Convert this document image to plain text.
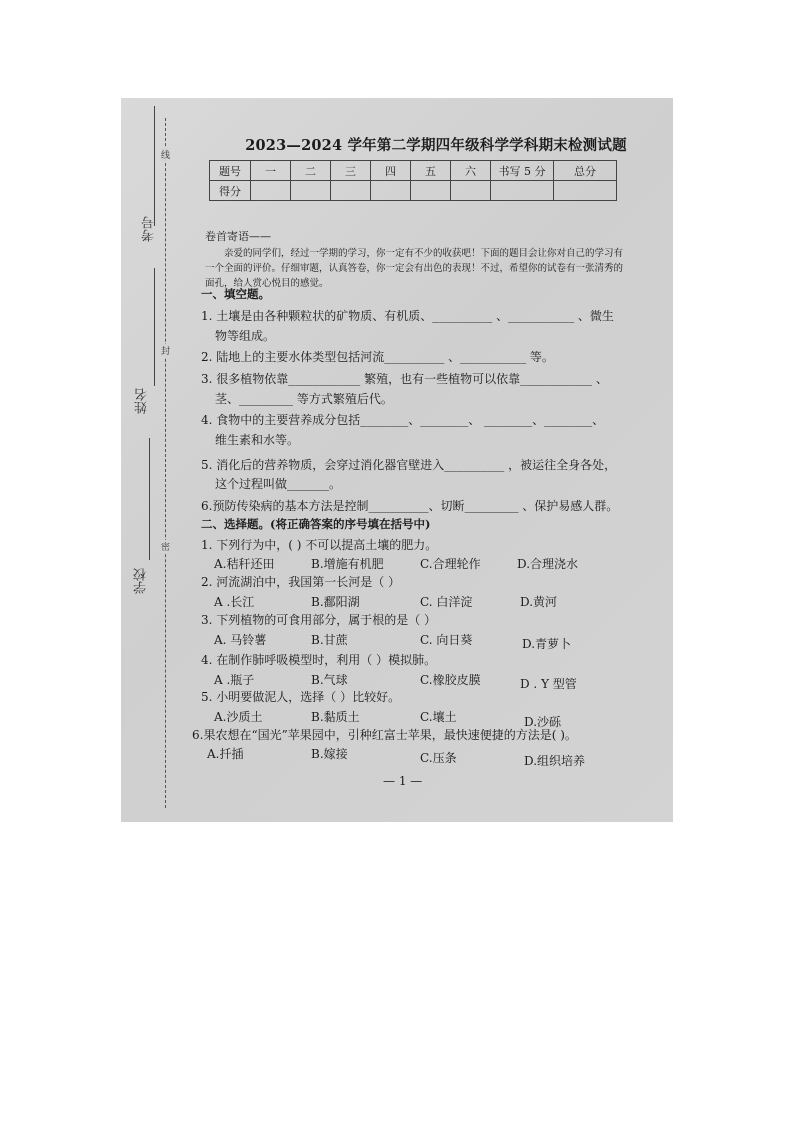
考号
姓名
学校
线
封
密
2023—2024 学年第二学期四年级科学学科期末检测试题
题号	一	二	三	四	五	六	书写 5 分	总分
得分								
卷首寄语——
亲爱的同学们，经过一学期的学习，你一定有不少的收获吧！下面的题目会让你对自己的学习有一个全面的评价。仔细审题，认真答卷，你一定会有出色的表现！不过，希望你的试卷有一张清秀的面孔，给人赏心悦目的感觉。
一、填空题。
1. 土壤是由各种颗粒状的矿物质、有机质、__________ 、___________ 、微生
物等组成。
2. 陆地上的主要水体类型包括河流__________ 、___________ 等。
3. 很多植物依靠____________ 繁殖，也有一些植物可以依靠____________ 、
茎、_________ 等方式繁殖后代。
4. 食物中的主要营养成分包括________、________、 ________、________、
维生素和水等。
5. 消化后的营养物质，会穿过消化器官壁进入__________ ，被运往全身各处，
这个过程叫做_______。
6.预防传染病的基本方法是控制__________、切断_________ 、保护易感人群。
二、选择题。(将正确答案的序号填在括号中)
1. 下列行为中，( ) 不可以提高土壤的肥力。
A.秸秆还田	B.增施有机肥	C.合理轮作	D.合理浇水
2. 河流湖泊中，我国第一长河是（ ）
A .长江	B.鄱阳湖	C. 白洋淀	D.黄河
3. 下列植物的可食用部分，属于根的是（ ）
A. 马铃薯	B.甘蔗	C. 向日葵	D.青萝卜
4. 在制作肺呼吸模型时，利用（ ）模拟肺。
A .瓶子	B.气球	C.橡胶皮膜	D . Y 型管
5. 小明要做泥人，选择（ ）比较好。
A.沙质土	B.黏质土	C.壤土	D.沙砾
6.果农想在“国光”苹果园中，引种红富士苹果，最快速便捷的方法是( )。
A.扦插	B.嫁接	C.压条	D.组织培养
— 1 —
